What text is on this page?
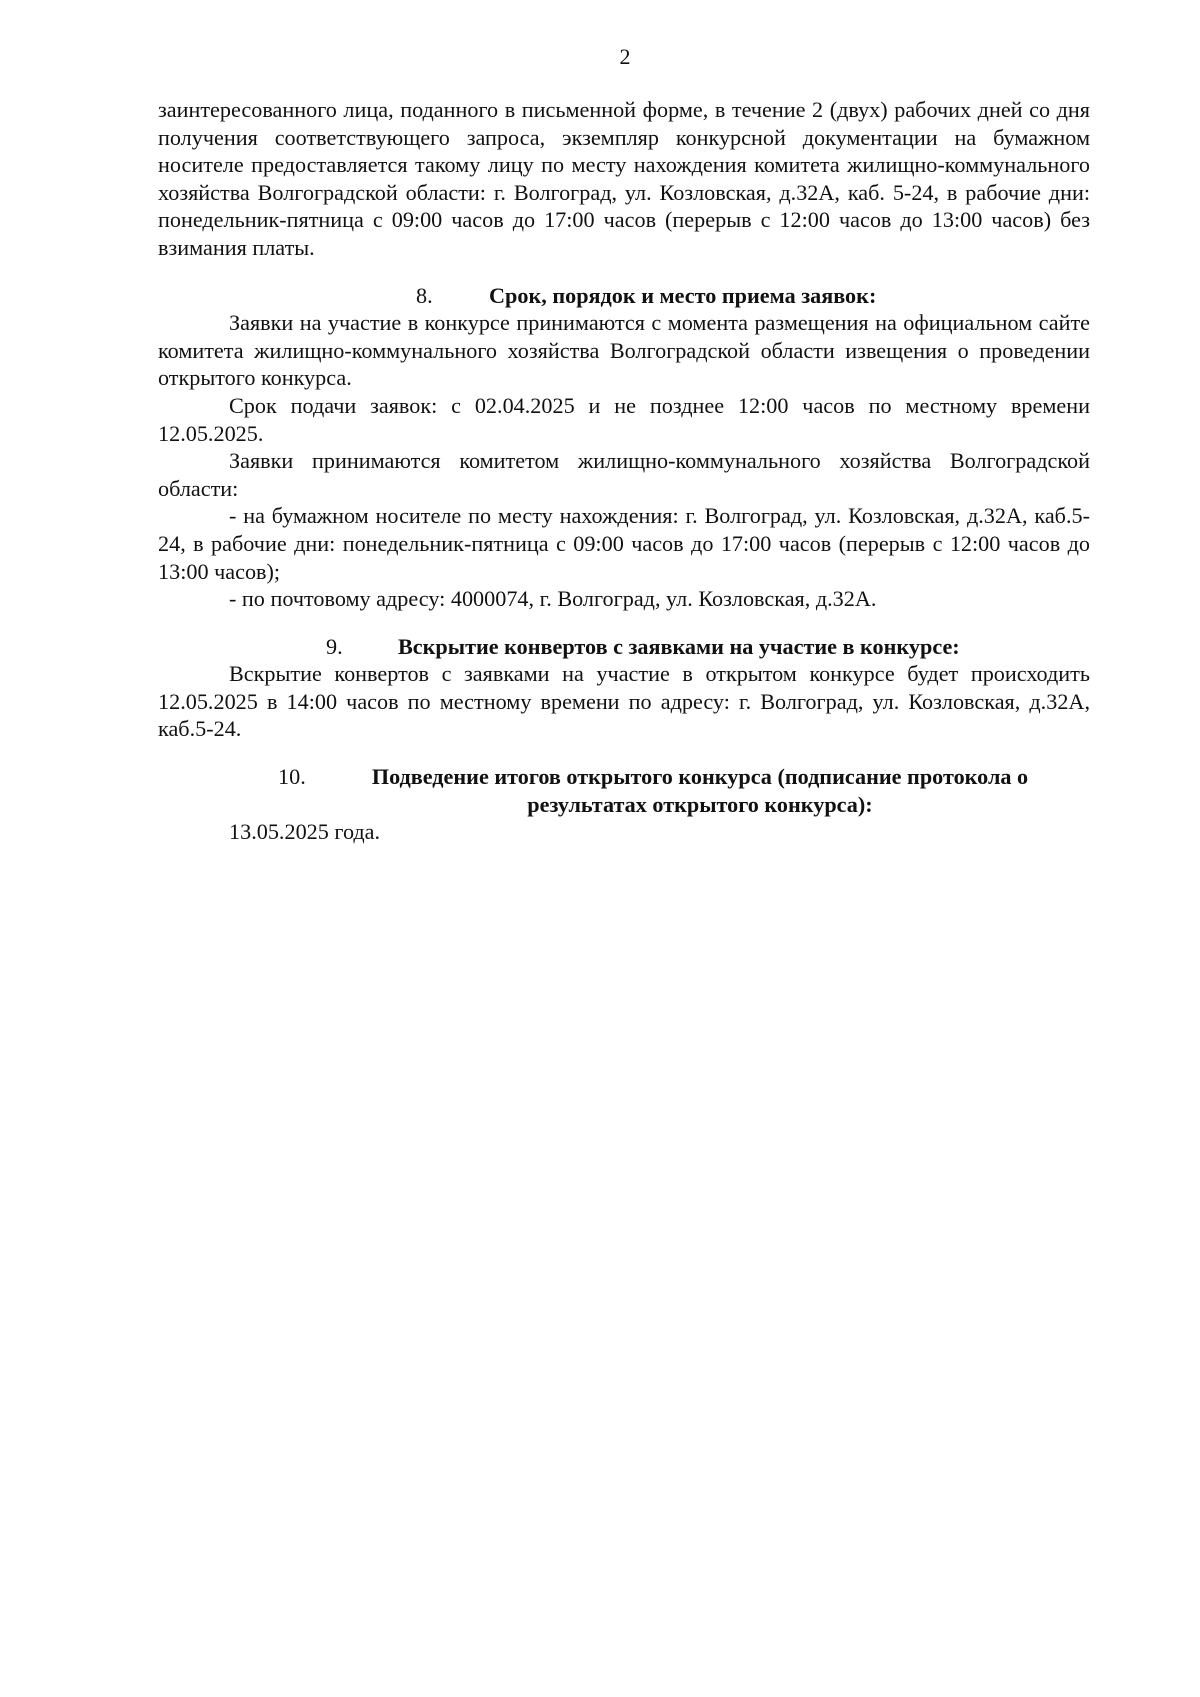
2

заинтересованного лица, поданного в письменной форме, в течение 2 (двух) рабочих дней со дня получения соответствующего запроса, экземпляр конкурсной документации на бумажном носителе предоставляется такому лицу по месту нахождения комитета жилищно-коммунального хозяйства Волгоградской области: г. Волгоград, ул. Козловская, д.32А, каб. 5-24, в рабочие дни: понедельник-пятница с 09:00 часов до 17:00 часов (перерыв с 12:00 часов до 13:00 часов) без взимания платы.

8.	Срок, порядок и место приема заявок:

Заявки на участие в конкурсе принимаются с момента размещения на официальном сайте комитета жилищно-коммунального хозяйства Волгоградской области извещения о проведении открытого конкурса.

Срок подачи заявок: с 02.04.2025 и не позднее 12:00 часов по местному времени 12.05.2025.

Заявки принимаются комитетом жилищно-коммунального хозяйства Волгоградской области:

- на бумажном носителе по месту нахождения: г. Волгоград, ул. Козловская, д.32А, каб.5-24, в рабочие дни: понедельник-пятница с 09:00 часов до 17:00 часов (перерыв с 12:00 часов до 13:00 часов);

- по почтовому адресу: 4000074, г. Волгоград, ул. Козловская, д.32А.

9.	Вскрытие конвертов с заявками на участие в конкурсе:

Вскрытие конвертов с заявками на участие в открытом конкурсе будет происходить 12.05.2025 в 14:00 часов по местному времени по адресу: г. Волгоград, ул. Козловская, д.32А, каб.5-24.

10.	Подведение итогов открытого конкурса (подписание протокола о результатах открытого конкурса):

13.05.2025 года.
